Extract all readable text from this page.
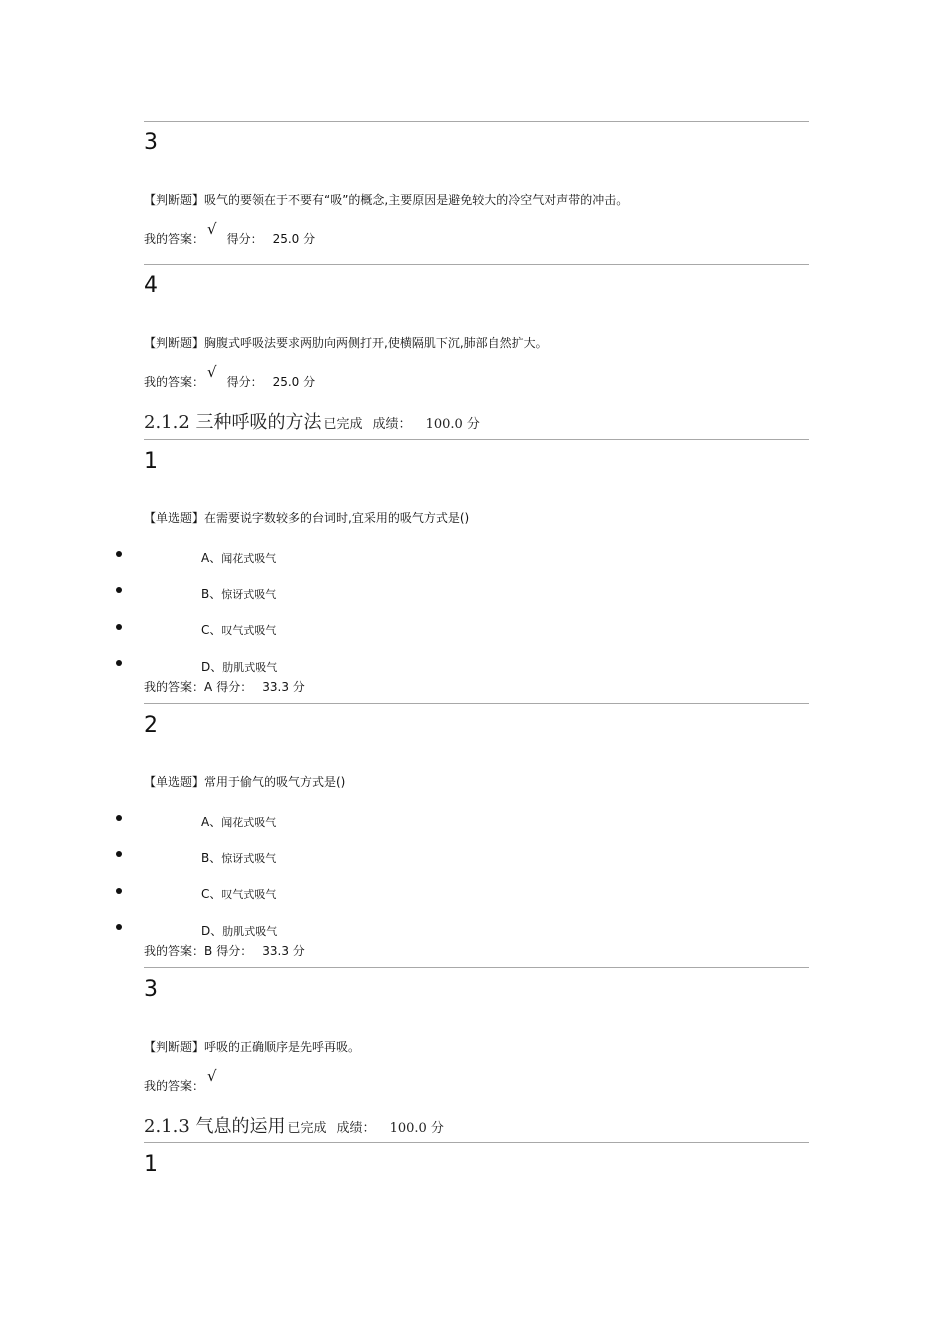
3
【判断题】吸气的要领在于不要有“吸”的概念,主要原因是避免较大的冷空气对声带的冲击。
我的答案：√得分： 25.0 分
4
【判断题】胸腹式呼吸法要求两肋向两侧打开,使横隔肌下沉,肺部自然扩大。
我的答案：√得分： 25.0 分
2.1.2 三种呼吸的方法 已完成 成绩： 100.0 分
1
【单选题】在需要说字数较多的台词时,宜采用的吸气方式是()
A、闻花式吸气
B、惊讶式吸气
C、叹气式吸气
D、肋肌式吸气
我的答案：A 得分： 33.3 分
2
【单选题】常用于偷气的吸气方式是()
A、闻花式吸气
B、惊讶式吸气
C、叹气式吸气
D、肋肌式吸气
我的答案：B 得分： 33.3 分
3
【判断题】呼吸的正确顺序是先呼再吸。
我的答案：√
2.1.3 气息的运用 已完成 成绩： 100.0 分
1
